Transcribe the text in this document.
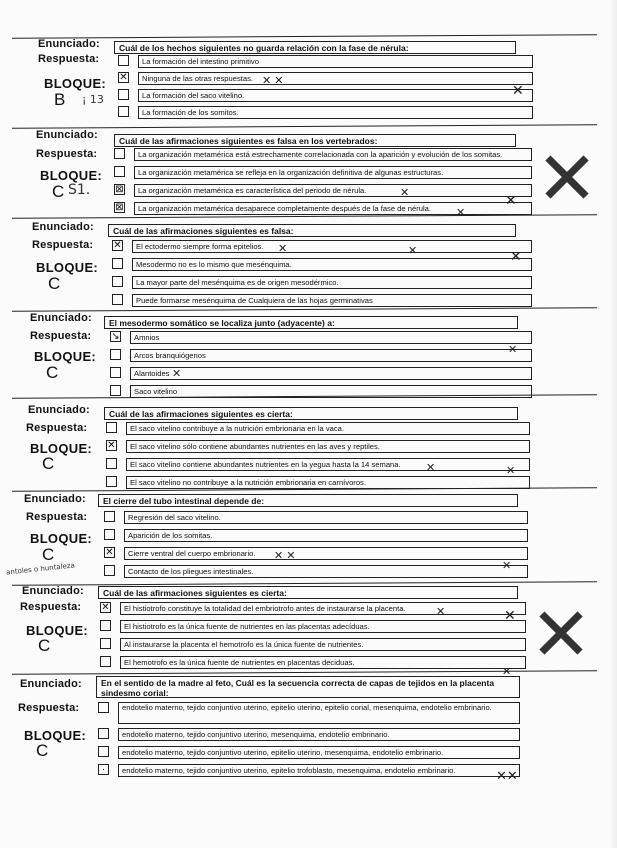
Enunciado:	Cuál de los hechos siguientes no guarda relación con la fase de nérula:
Respuesta:
BLOQUE:
B ¡ 13
La formación del intestino primitivo
✕	Ninguna de las otras respuestas.
La formación del saco vitelino.
La formación de los somitos.
✕ ✕
✕
Enunciado:	Cuál de las afirmaciones siguientes es falsa en los vertebrados:
Respuesta:
BLOQUE:
C S1.
La organización metamérica está estrechamente correlacionada con la aparición y evolución de los somitas.
La organización metamérica se refleja en la organización definitiva de algunas estructuras.
⊠	La organización metamérica es característica del periodo de nérula.
⊠	La organización metamérica desaparece completamente después de la fase de nérula.
✕	✕
✕
Enunciado:	Cuál de las afirmaciones siguientes es falsa:
Respuesta:
BLOQUE:
C
✕	El ectodermo siempre forma epitelios.
Mesodermo no es lo mismo que mesénquima.
La mayor parte del mesénquima es de origen mesodérmico.
Puede formarse mesénquima de Cualquiera de las hojas germinativas
✕	✕	✕
Enunciado:	El mesodermo somático se localiza junto (adyacente) a:
Respuesta:
BLOQUE:
C
↘	Amnios
Arcos branquiógenos
Alantoides
Saco vitelino
✕
✕
Enunciado:	Cuál de las afirmaciones siguientes es cierta:
Respuesta:
BLOQUE:
C
El saco vitelino contribuye a la nutrición embrionaria en la vaca.
✕	El saco vitelino sólo contiene abundantes nutrientes en las aves y reptiles.
El saco vitelino contiene abundantes nutrientes en la yegua hasta la 14 semana.
El saco vitelino no contribuye a la nutrición embrionaria en carnívoros.
✕	✕
Enunciado:	El cierre del tubo intestinal depende de:
Respuesta:
BLOQUE:
C
antoles o huntaleza
Regresión del saco vitelino.
Aparición de los somitas.
✕	Cierre ventral del cuerpo embrionario.
Contacto de los pliegues intestinales.
✕ ✕
✕
Enunciado:	Cuál de las afirmaciones siguientes es cierta:
Respuesta:
BLOQUE:
C
✕	El histiotrofo constituye la totalidad del embriotrofo antes de instaurarse la placenta.
El histiotrofo es la única fuente de nutrientes en las placentas adecíduas.
Al instaurarse la placenta el hemotrofo es la única fuente de nutrientes.
El hemotrofo es la única fuente de nutrientes en placentas deciduas.
✕	✕
✕
Enunciado:	En el sentido de la madre al feto, Cuál es la secuencia correcta de capas de tejidos en la placenta sindesmo corial:
Respuesta:
BLOQUE:
C
endotelio materno, tejido conjuntivo uterino, epitelio uterino, epitelio corial, mesenquima, endotelio embrinario.
endotelio materno, tejido conjuntivo uterino, mesenquima, endotelio embrinario.
endotelio materno, tejido conjuntivo uterino, epitelio uterino, mesenquima, endotelio embrinario.
·	endotelio materno, tejido conjuntivo uterino, epitelio trofoblasto, mesenquima, endotelio embrinario.	✕✕
✕
✕
